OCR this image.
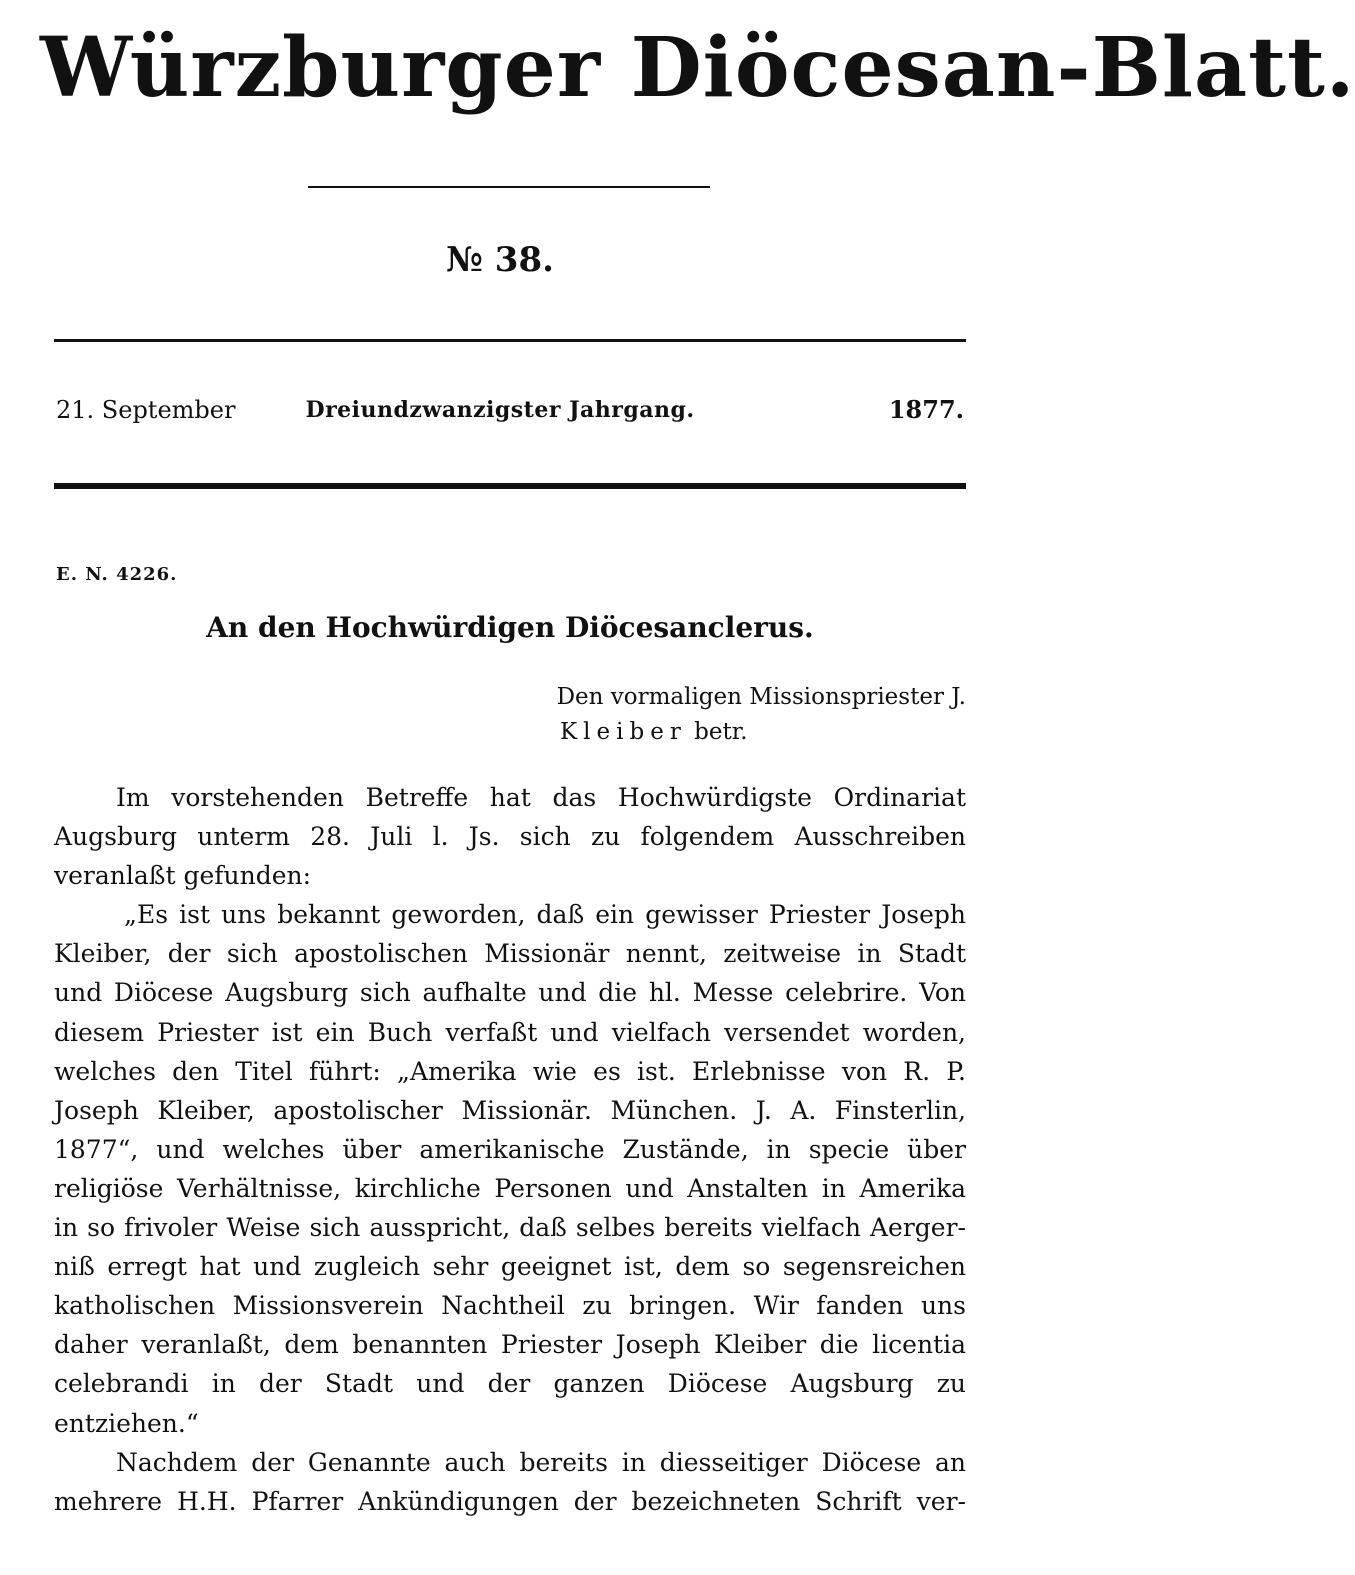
Würzburger Diöcesan-Blatt.
№ 38.
21. September	Dreiundzwanzigster Jahrgang.	1877.
E. N. 4226.
An den Hochwürdigen Diöcesanclerus.
Den vormaligen Missionspriester J.
Kleiber betr.
Im vorstehenden Betreffe hat das Hochwürdigste Ordinariat
Augsburg unterm 28. Juli l. Js. sich zu folgendem Ausschreiben
veranlaßt gefunden:
„Es ist uns bekannt geworden, daß ein gewisser Priester Joseph
Kleiber, der sich apostolischen Missionär nennt, zeitweise in Stadt
und Diöcese Augsburg sich aufhalte und die hl. Messe celebrire. Von
diesem Priester ist ein Buch verfaßt und vielfach versendet worden,
welches den Titel führt: „Amerika wie es ist. Erlebnisse von R. P.
Joseph Kleiber, apostolischer Missionär. München. J. A. Finsterlin,
1877“, und welches über amerikanische Zustände, in specie über
religiöse Verhältnisse, kirchliche Personen und Anstalten in Amerika
in so frivoler Weise sich ausspricht, daß selbes bereits vielfach Aerger-
niß erregt hat und zugleich sehr geeignet ist, dem so segensreichen
katholischen Missionsverein Nachtheil zu bringen. Wir fanden uns
daher veranlaßt, dem benannten Priester Joseph Kleiber die licentia
celebrandi in der Stadt und der ganzen Diöcese Augsburg zu
entziehen.“
Nachdem der Genannte auch bereits in diesseitiger Diöcese an
mehrere H.H. Pfarrer Ankündigungen der bezeichneten Schrift ver-
